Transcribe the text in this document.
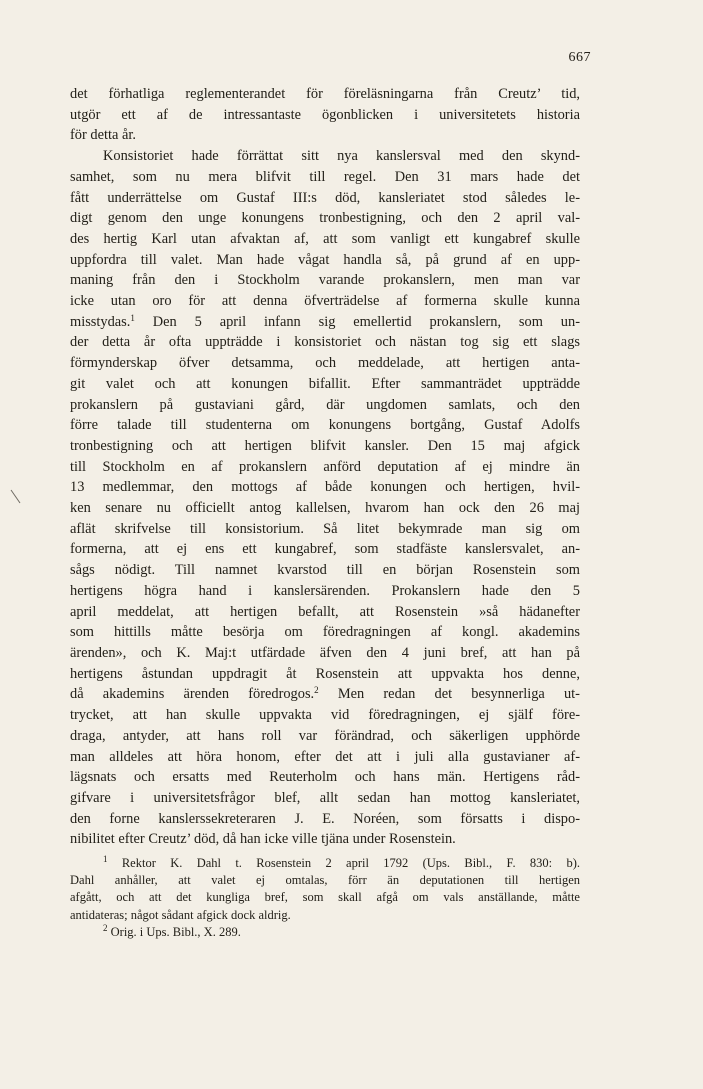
667
det förhatliga reglementerandet för föreläsningarna från Creutz’ tid,
utgör ett af de intressantaste ögonblicken i universitetets historia
för detta år.
Konsistoriet hade förrättat sitt nya kanslersval med den skynd-
samhet, som nu mera blifvit till regel. Den 31 mars hade det
fått underrättelse om Gustaf III:s död, kansleriatet stod således le-
digt genom den unge konungens tronbestigning, och den 2 april val-
des hertig Karl utan afvaktan af, att som vanligt ett kungabref skulle
uppfordra till valet. Man hade vågat handla så, på grund af en upp-
maning från den i Stockholm varande prokanslern, men man var
icke utan oro för att denna öfverträdelse af formerna skulle kunna
misstydas.$^1$ Den 5 april infann sig emellertid prokanslern, som un-
der detta år ofta uppträdde i konsistoriet och nästan tog sig ett slags
förmynderskap öfver detsamma, och meddelade, att hertigen anta-
git valet och att konungen bifallit. Efter sammanträdet uppträdde
prokanslern på gustaviani gård, där ungdomen samlats, och den
förre talade till studenterna om konungens bortgång, Gustaf Adolfs
tronbestigning och att hertigen blifvit kansler. Den 15 maj afgick
till Stockholm en af prokanslern anförd deputation af ej mindre än
13 medlemmar, den mottogs af både konungen och hertigen, hvil-
ken senare nu officiellt antog kallelsen, hvarom han ock den 26 maj
aflät skrifvelse till konsistorium. Så litet bekymrade man sig om
formerna, att ej ens ett kungabref, som stadfäste kanslersvalet, an-
sågs nödigt. Till namnet kvarstod till en början Rosenstein som
hertigens högra hand i kanslersärenden. Prokanslern hade den 5
april meddelat, att hertigen befallt, att Rosenstein »så hädanefter
som hittills måtte besörja om föredragningen af kongl. akademins
ärenden», och K. Maj:t utfärdade äfven den 4 juni bref, att han på
hertigens åstundan uppdragit åt Rosenstein att uppvakta hos denne,
då akademins ärenden föredrogos.$^2$ Men redan det besynnerliga ut-
trycket, att han skulle uppvakta vid föredragningen, ej själf före-
draga, antyder, att hans roll var förändrad, och säkerligen upphörde
man alldeles att höra honom, efter det att i juli alla gustavianer af-
lägsnats och ersatts med Reuterholm och hans män. Hertigens råd-
gifvare i universitetsfrågor blef, allt sedan han mottog kansleriatet,
den forne kanslerssekreteraren J. E. Noréen, som försatts i dispo-
nibilitet efter Creutz’ död, då han icke ville tjäna under Rosenstein.
$^1$ Rektor K. Dahl t. Rosenstein 2 april 1792 (Ups. Bibl., F. 830: b).
Dahl anhåller, att valet ej omtalas, förr än deputationen till hertigen
afgått, och att det kungliga bref, som skall afgå om vals anställande, måtte
antidateras; något sådant afgick dock aldrig.
$^2$ Orig. i Ups. Bibl., X. 289.
